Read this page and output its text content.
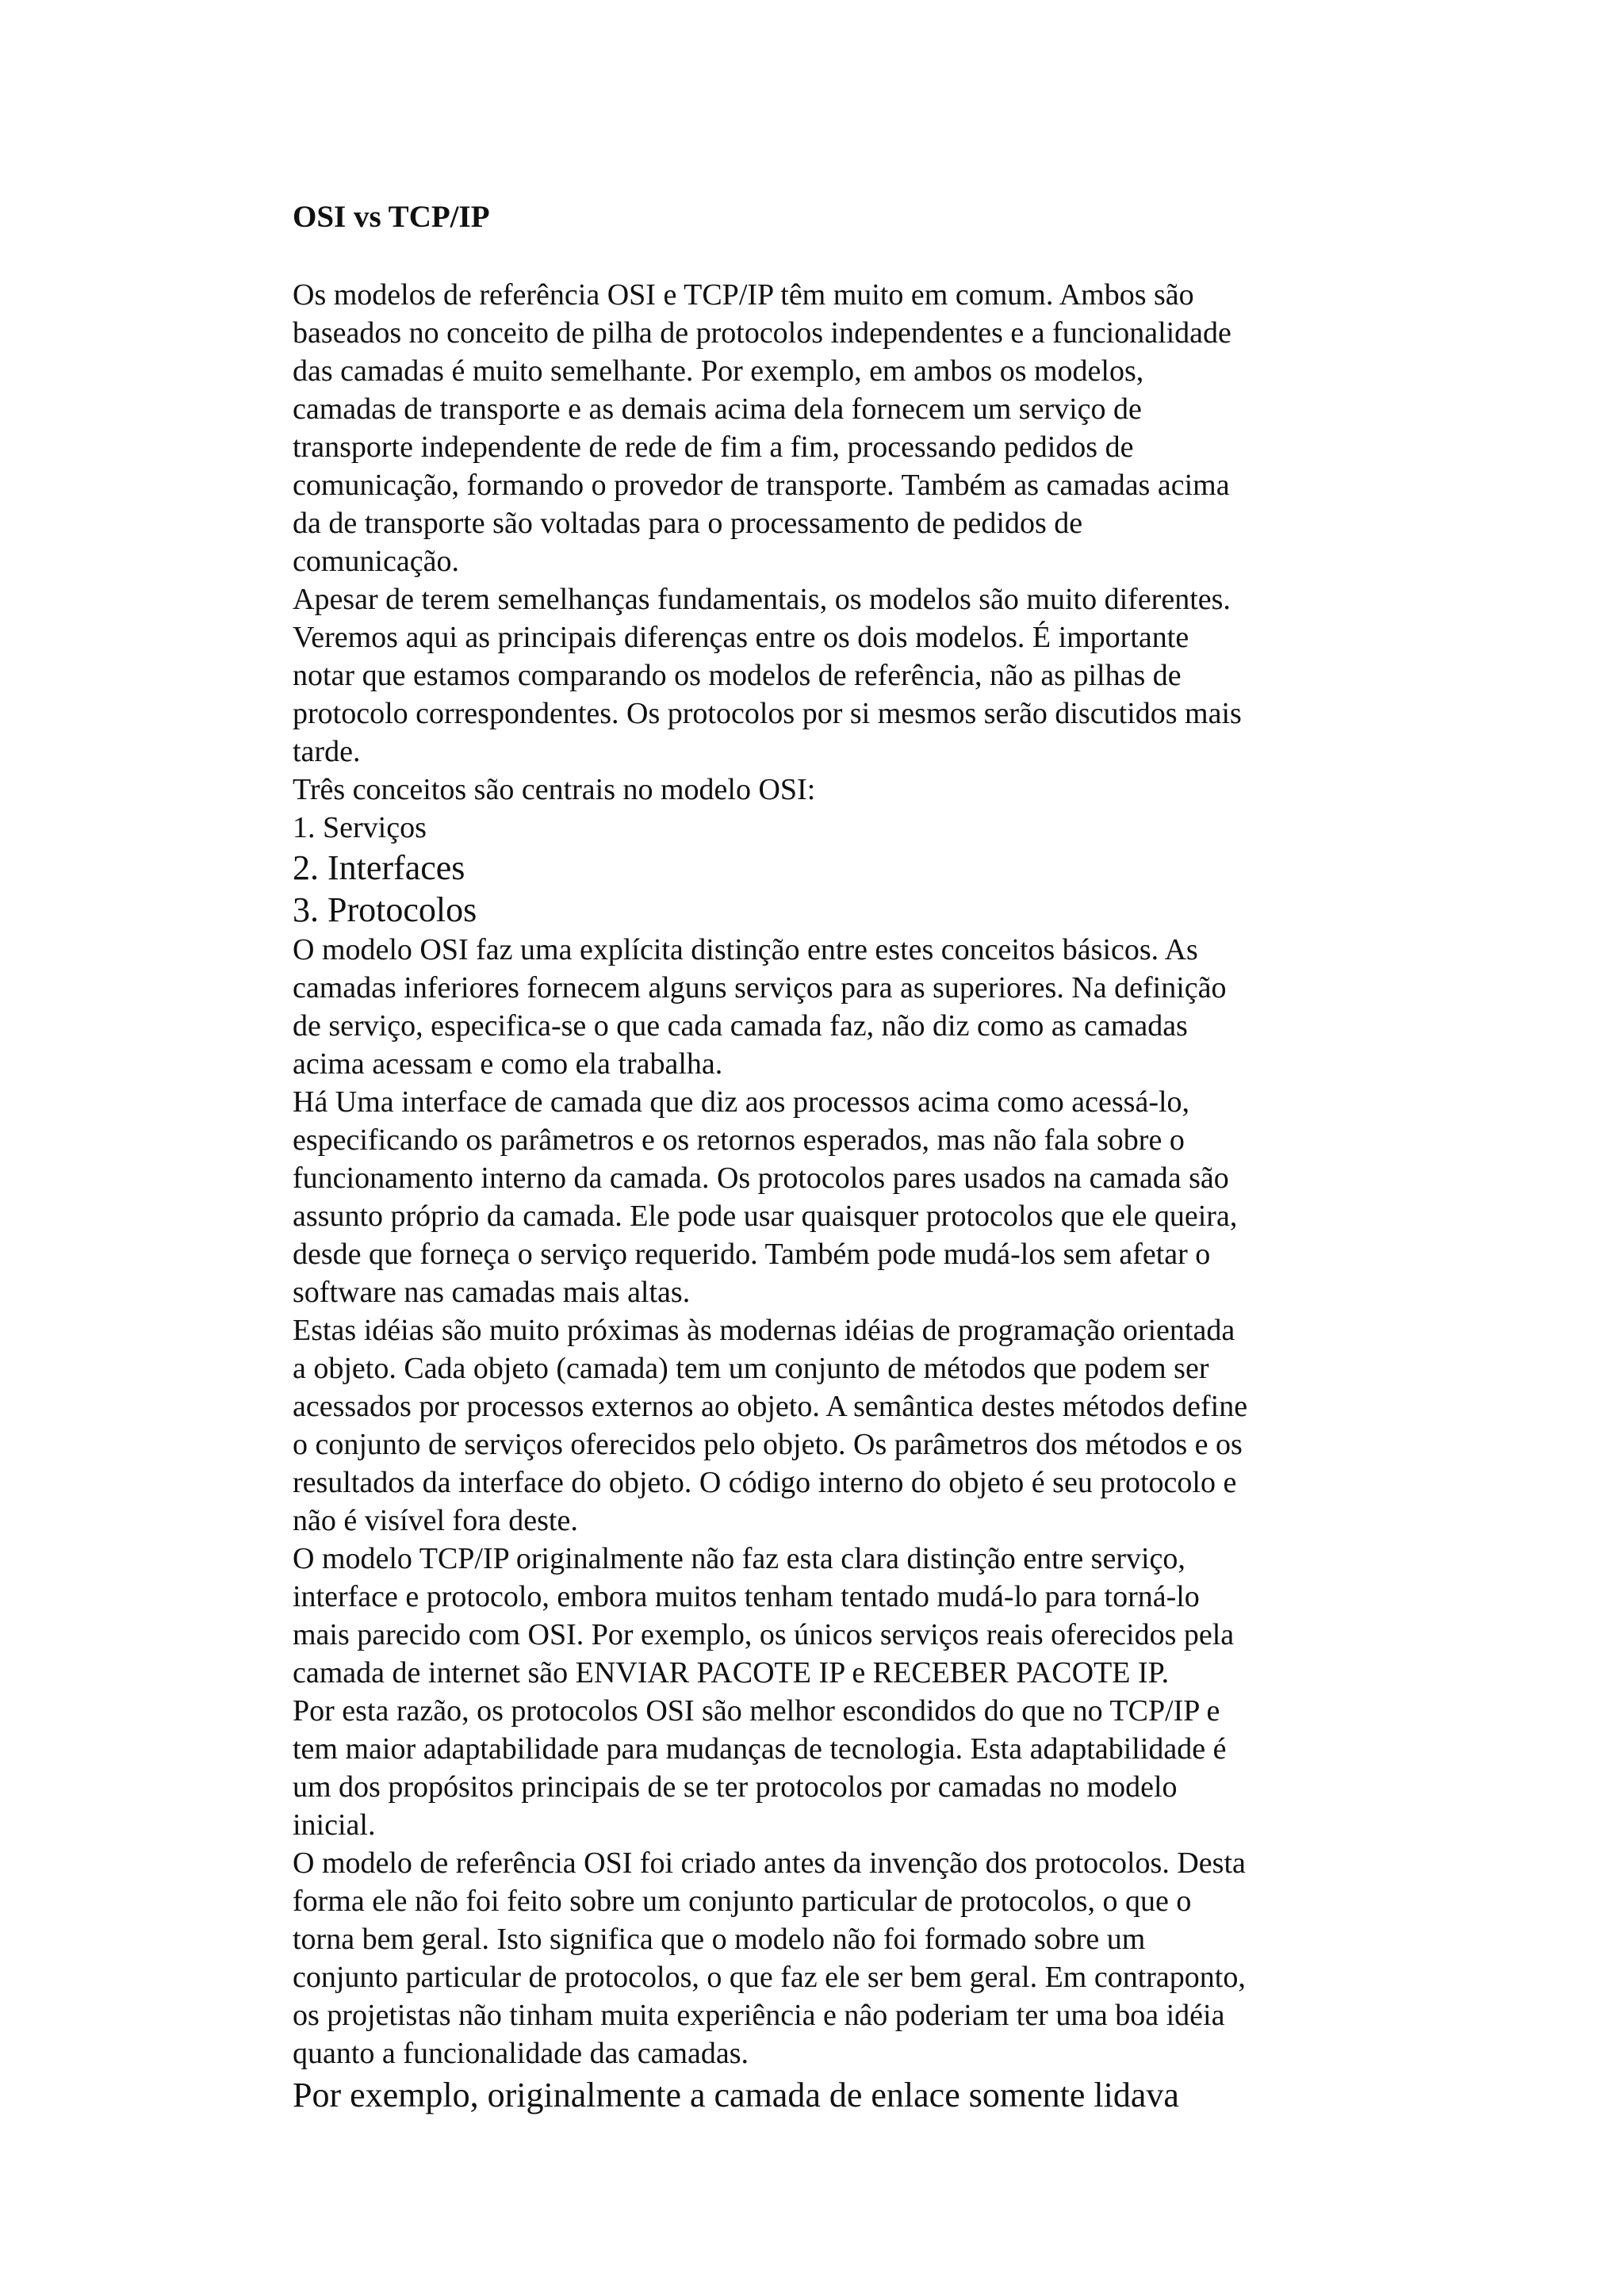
OSI vs TCP/IP
Os modelos de referência OSI e TCP/IP têm muito em comum. Ambos são
baseados no conceito de pilha de protocolos independentes e a funcionalidade
das camadas é muito semelhante. Por exemplo, em ambos os modelos,
camadas de transporte e as demais acima dela fornecem um serviço de
transporte independente de rede de fim a fim, processando pedidos de
comunicação, formando o provedor de transporte. Também as camadas acima
da de transporte são voltadas para o processamento de pedidos de
comunicação.
Apesar de terem semelhanças fundamentais, os modelos são muito diferentes.
Veremos aqui as principais diferenças entre os dois modelos. É importante
notar que estamos comparando os modelos de referência, não as pilhas de
protocolo correspondentes. Os protocolos por si mesmos serão discutidos mais
tarde.
Três conceitos são centrais no modelo OSI:
1. Serviços
2. Interfaces
3. Protocolos
O modelo OSI faz uma explícita distinção entre estes conceitos básicos. As
camadas inferiores fornecem alguns serviços para as superiores. Na definição
de serviço, especifica-se o que cada camada faz, não diz como as camadas
acima acessam e como ela trabalha.
Há Uma interface de camada que diz aos processos acima como acessá-lo,
especificando os parâmetros e os retornos esperados, mas não fala sobre o
funcionamento interno da camada. Os protocolos pares usados na camada são
assunto próprio da camada. Ele pode usar quaisquer protocolos que ele queira,
desde que forneça o serviço requerido. Também pode mudá-los sem afetar o
software nas camadas mais altas.
Estas idéias são muito próximas às modernas idéias de programação orientada
a objeto. Cada objeto (camada) tem um conjunto de métodos que podem ser
acessados por processos externos ao objeto. A semântica destes métodos define
o conjunto de serviços oferecidos pelo objeto. Os parâmetros dos métodos e os
resultados da interface do objeto. O código interno do objeto é seu protocolo e
não é visível fora deste.
O modelo TCP/IP originalmente não faz esta clara distinção entre serviço,
interface e protocolo, embora muitos tenham tentado mudá-lo para torná-lo
mais parecido com OSI. Por exemplo, os únicos serviços reais oferecidos pela
camada de internet são ENVIAR PACOTE IP e RECEBER PACOTE IP.
Por esta razão, os protocolos OSI são melhor escondidos do que no TCP/IP e
tem maior adaptabilidade para mudanças de tecnologia. Esta adaptabilidade é
um dos propósitos principais de se ter protocolos por camadas no modelo
inicial.
O modelo de referência OSI foi criado antes da invenção dos protocolos. Desta
forma ele não foi feito sobre um conjunto particular de protocolos, o que o
torna bem geral. Isto significa que o modelo não foi formado sobre um
conjunto particular de protocolos, o que faz ele ser bem geral. Em contraponto,
os projetistas não tinham muita experiência e nâo poderiam ter uma boa idéia
quanto a funcionalidade das camadas.
Por exemplo, originalmente a camada de enlace somente lidava
